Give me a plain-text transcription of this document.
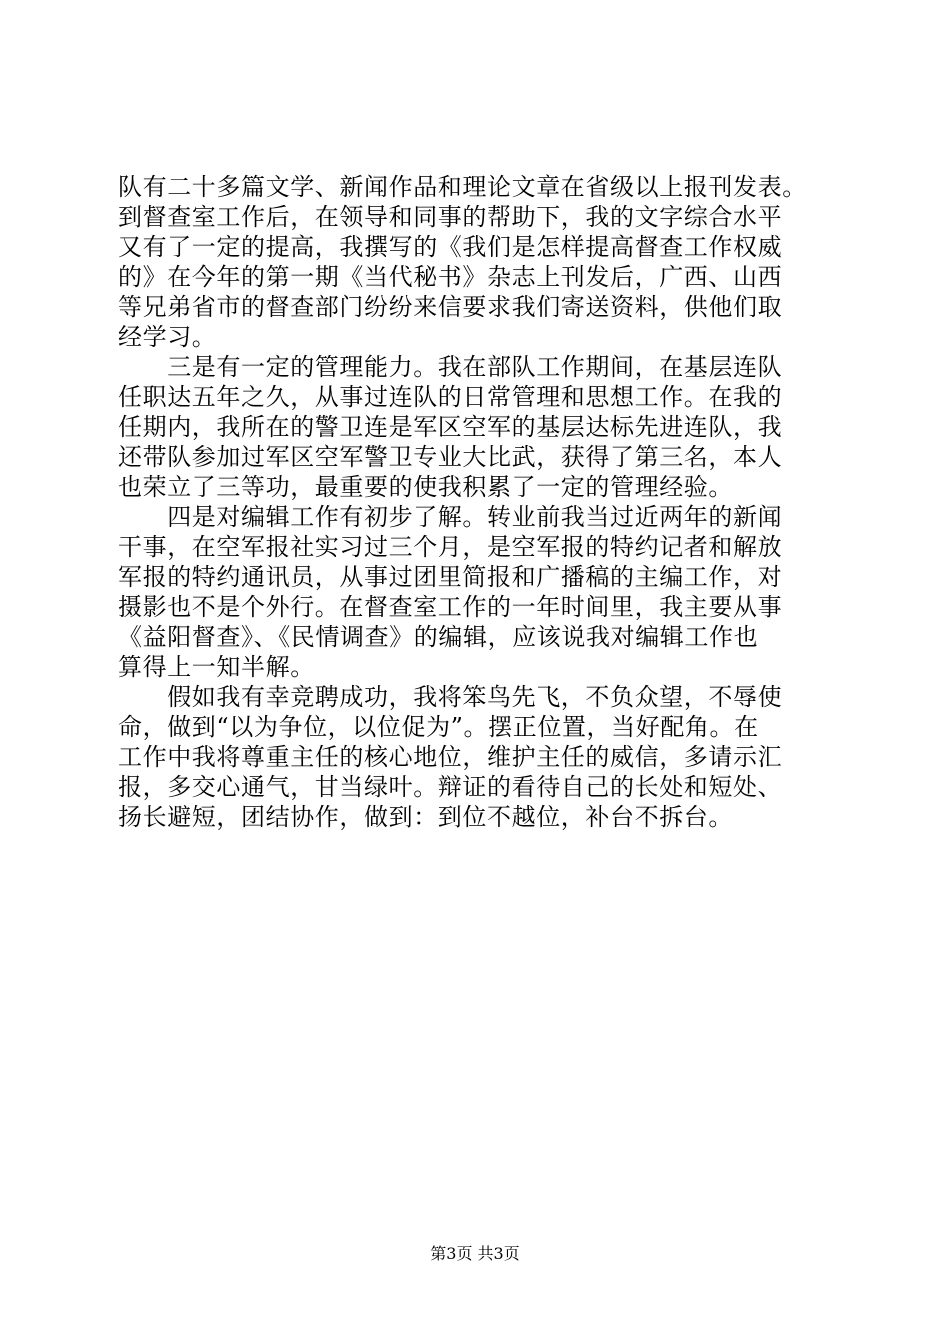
队有二十多篇文学、新闻作品和理论文章在省级以上报刊发表。

到督查室工作后，在领导和同事的帮助下，我的文字综合水平

又有了一定的提高，我撰写的《我们是怎样提高督查工作权威

的》在今年的第一期《当代秘书》杂志上刊发后，广西、山西

等兄弟省市的督查部门纷纷来信要求我们寄送资料，供他们取

经学习。

　　三是有一定的管理能力。我在部队工作期间，在基层连队

任职达五年之久，从事过连队的日常管理和思想工作。在我的

任期内，我所在的警卫连是军区空军的基层达标先进连队，我

还带队参加过军区空军警卫专业大比武，获得了第三名，本人

也荣立了三等功，最重要的使我积累了一定的管理经验。

　　四是对编辑工作有初步了解。转业前我当过近两年的新闻

干事，在空军报社实习过三个月，是空军报的特约记者和解放

军报的特约通讯员，从事过团里简报和广播稿的主编工作，对

摄影也不是个外行。在督查室工作的一年时间里，我主要从事

《益阳督查》、《民情调查》的编辑，应该说我对编辑工作也

算得上一知半解。

　　假如我有幸竞聘成功，我将笨鸟先飞，不负众望，不辱使

命，做到“以为争位，以位促为”。摆正位置，当好配角。在

工作中我将尊重主任的核心地位，维护主任的威信，多请示汇

报，多交心通气，甘当绿叶。辩证的看待自己的长处和短处、

扬长避短，团结协作，做到：到位不越位，补台不拆台。

第3页 共3页
